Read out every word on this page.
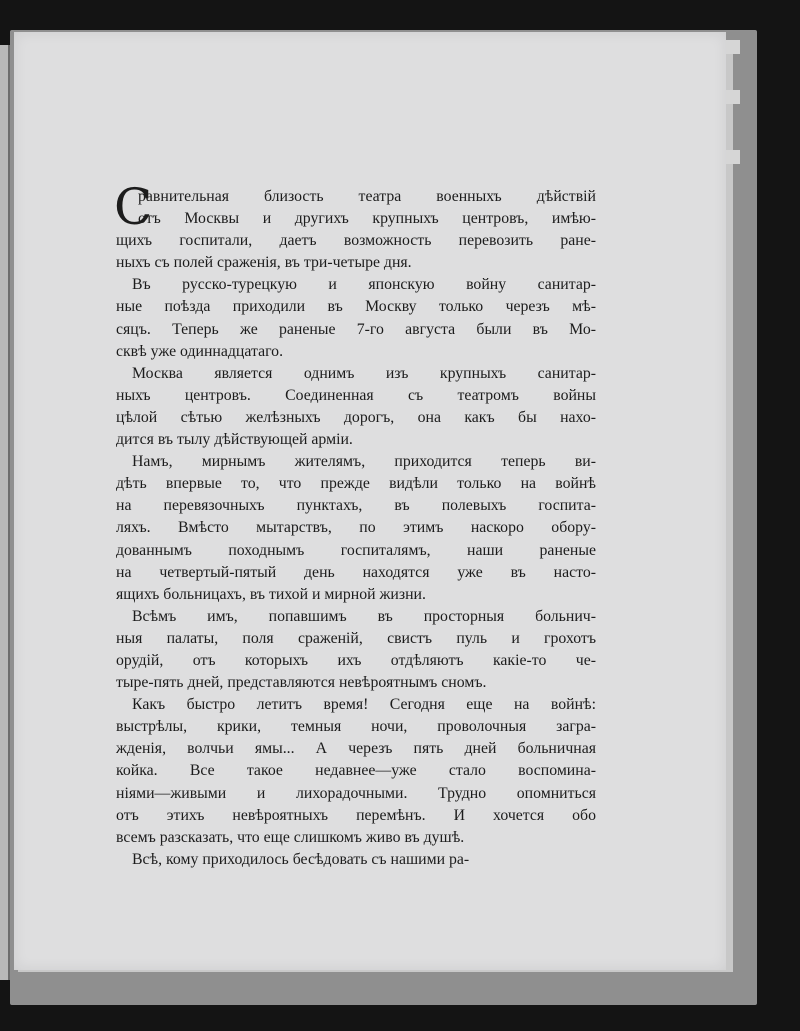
С
равнительная близость театра военныхъ дѣйствій
отъ Москвы и другихъ крупныхъ центровъ, имѣю-
щихъ госпитали, даетъ возможность перевозить ране-
ныхъ съ полей сраженія, въ три-четыре дня.
Въ русско-турецкую и японскую войну санитар-
ные поѣзда приходили въ Москву только черезъ мѣ-
сяцъ. Теперь же раненые 7-го августа были въ Мо-
сквѣ уже одиннадцатаго.
Москва является однимъ изъ крупныхъ санитар-
ныхъ центровъ. Соединенная съ театромъ войны
цѣлой сѣтью желѣзныхъ дорогъ, она какъ бы нахо-
дится въ тылу дѣйствующей арміи.
Намъ, мирнымъ жителямъ, приходится теперь ви-
дѣть впервые то, что прежде видѣли только на войнѣ
на перевязочныхъ пунктахъ, въ полевыхъ госпита-
ляхъ. Вмѣсто мытарствъ, по этимъ наскоро обору-
дованнымъ походнымъ госпиталямъ, наши раненые
на четвертый-пятый день находятся уже въ насто-
ящихъ больницахъ, въ тихой и мирной жизни.
Всѣмъ имъ, попавшимъ въ просторныя больнич-
ныя палаты, поля сраженій, свистъ пуль и грохотъ
орудій, отъ которыхъ ихъ отдѣляютъ какіе-то че-
тыре-пять дней, представляются невѣроятнымъ сномъ.
Какъ быстро летитъ время! Сегодня еще на войнѣ:
выстрѣлы, крики, темныя ночи, проволочныя загра-
жденія, волчьи ямы... А черезъ пять дней больничная
койка. Все такое недавнее—уже стало воспомина-
ніями—живыми и лихорадочными. Трудно опомниться
отъ этихъ невѣроятныхъ перемѣнъ. И хочется обо
всемъ разсказать, что еще слишкомъ живо въ душѣ.
Всѣ, кому приходилось бесѣдовать съ нашими ра-
